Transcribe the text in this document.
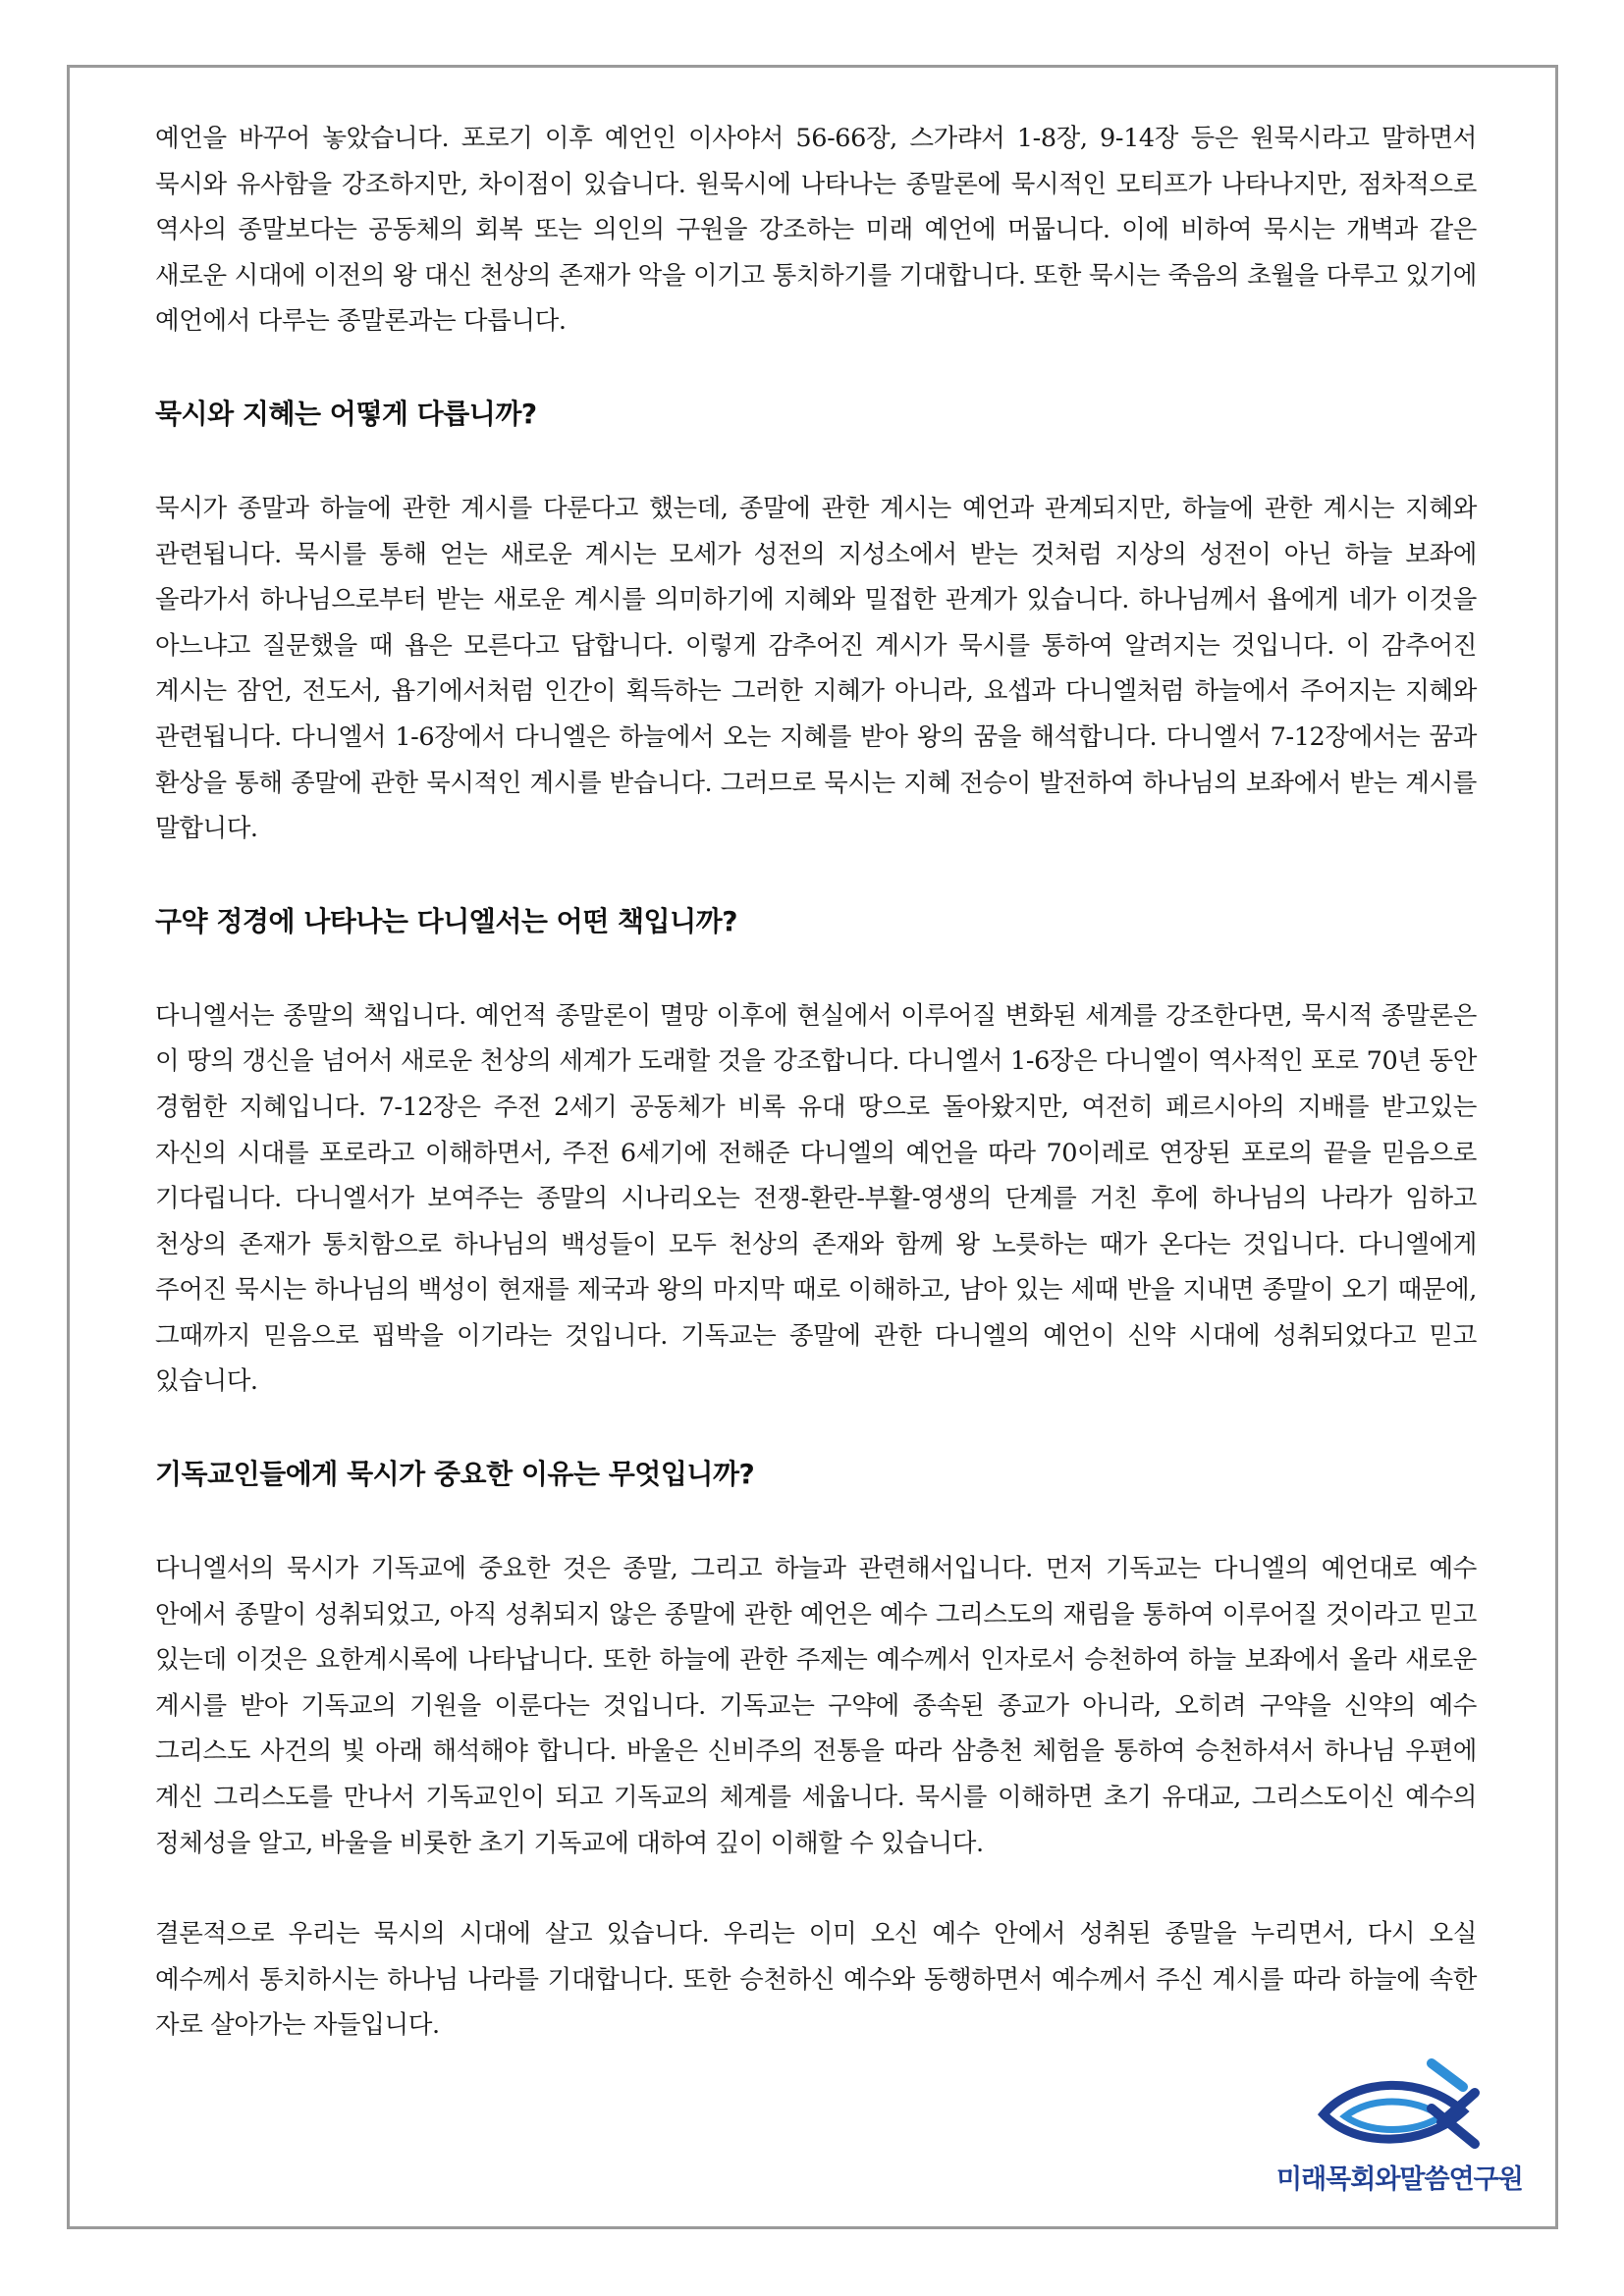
예언을 바꾸어 놓았습니다. 포로기 이후 예언인 이사야서 56-66장, 스가랴서 1-8장, 9-14장 등은 원묵시라고 말하면서 묵시와 유사함을 강조하지만, 차이점이 있습니다. 원묵시에 나타나는 종말론에 묵시적인 모티프가 나타나지만, 점차적으로 역사의 종말보다는 공동체의 회복 또는 의인의 구원을 강조하는 미래 예언에 머뭅니다. 이에 비하여 묵시는 개벽과 같은 새로운 시대에 이전의 왕 대신 천상의 존재가 악을 이기고 통치하기를 기대합니다. 또한 묵시는 죽음의 초월을 다루고 있기에 예언에서 다루는 종말론과는 다릅니다.

묵시와 지혜는 어떻게 다릅니까?

묵시가 종말과 하늘에 관한 계시를 다룬다고 했는데, 종말에 관한 계시는 예언과 관계되지만, 하늘에 관한 계시는 지혜와 관련됩니다. 묵시를 통해 얻는 새로운 계시는 모세가 성전의 지성소에서 받는 것처럼 지상의 성전이 아닌 하늘 보좌에 올라가서 하나님으로부터 받는 새로운 계시를 의미하기에 지혜와 밀접한 관계가 있습니다. 하나님께서 욥에게 네가 이것을 아느냐고 질문했을 때 욥은 모른다고 답합니다. 이렇게 감추어진 계시가 묵시를 통하여 알려지는 것입니다. 이 감추어진 계시는 잠언, 전도서, 욥기에서처럼 인간이 획득하는 그러한 지혜가 아니라, 요셉과 다니엘처럼 하늘에서 주어지는 지혜와 관련됩니다. 다니엘서 1-6장에서 다니엘은 하늘에서 오는 지혜를 받아 왕의 꿈을 해석합니다. 다니엘서 7-12장에서는 꿈과 환상을 통해 종말에 관한 묵시적인 계시를 받습니다. 그러므로 묵시는 지혜 전승이 발전하여 하나님의 보좌에서 받는 계시를 말합니다.

구약 정경에 나타나는 다니엘서는 어떤 책입니까?

다니엘서는 종말의 책입니다. 예언적 종말론이 멸망 이후에 현실에서 이루어질 변화된 세계를 강조한다면, 묵시적 종말론은 이 땅의 갱신을 넘어서 새로운 천상의 세계가 도래할 것을 강조합니다. 다니엘서 1-6장은 다니엘이 역사적인 포로 70년 동안 경험한 지혜입니다. 7-12장은 주전 2세기 공동체가 비록 유대 땅으로 돌아왔지만, 여전히 페르시아의 지배를 받고있는 자신의 시대를 포로라고 이해하면서, 주전 6세기에 전해준 다니엘의 예언을 따라 70이레로 연장된 포로의 끝을 믿음으로 기다립니다. 다니엘서가 보여주는 종말의 시나리오는 전쟁-환란-부활-영생의 단계를 거친 후에 하나님의 나라가 임하고 천상의 존재가 통치함으로 하나님의 백성들이 모두 천상의 존재와 함께 왕 노릇하는 때가 온다는 것입니다. 다니엘에게 주어진 묵시는 하나님의 백성이 현재를 제국과 왕의 마지막 때로 이해하고, 남아 있는 세때 반을 지내면 종말이 오기 때문에, 그때까지 믿음으로 핍박을 이기라는 것입니다. 기독교는 종말에 관한 다니엘의 예언이 신약 시대에 성취되었다고 믿고 있습니다.

기독교인들에게 묵시가 중요한 이유는 무엇입니까?

다니엘서의 묵시가 기독교에 중요한 것은 종말, 그리고 하늘과 관련해서입니다. 먼저 기독교는 다니엘의 예언대로 예수 안에서 종말이 성취되었고, 아직 성취되지 않은 종말에 관한 예언은 예수 그리스도의 재림을 통하여 이루어질 것이라고 믿고 있는데 이것은 요한계시록에 나타납니다. 또한 하늘에 관한 주제는 예수께서 인자로서 승천하여 하늘 보좌에서 올라 새로운 계시를 받아 기독교의 기원을 이룬다는 것입니다. 기독교는 구약에 종속된 종교가 아니라, 오히려 구약을 신약의 예수 그리스도 사건의 빛 아래 해석해야 합니다. 바울은 신비주의 전통을 따라 삼층천 체험을 통하여 승천하셔서 하나님 우편에 계신 그리스도를 만나서 기독교인이 되고 기독교의 체계를 세웁니다. 묵시를 이해하면 초기 유대교, 그리스도이신 예수의 정체성을 알고, 바울을 비롯한 초기 기독교에 대하여 깊이 이해할 수 있습니다.

결론적으로 우리는 묵시의 시대에 살고 있습니다. 우리는 이미 오신 예수 안에서 성취된 종말을 누리면서, 다시 오실 예수께서 통치하시는 하나님 나라를 기대합니다. 또한 승천하신 예수와 동행하면서 예수께서 주신 계시를 따라 하늘에 속한 자로 살아가는 자들입니다.

미래목회와말씀연구원
